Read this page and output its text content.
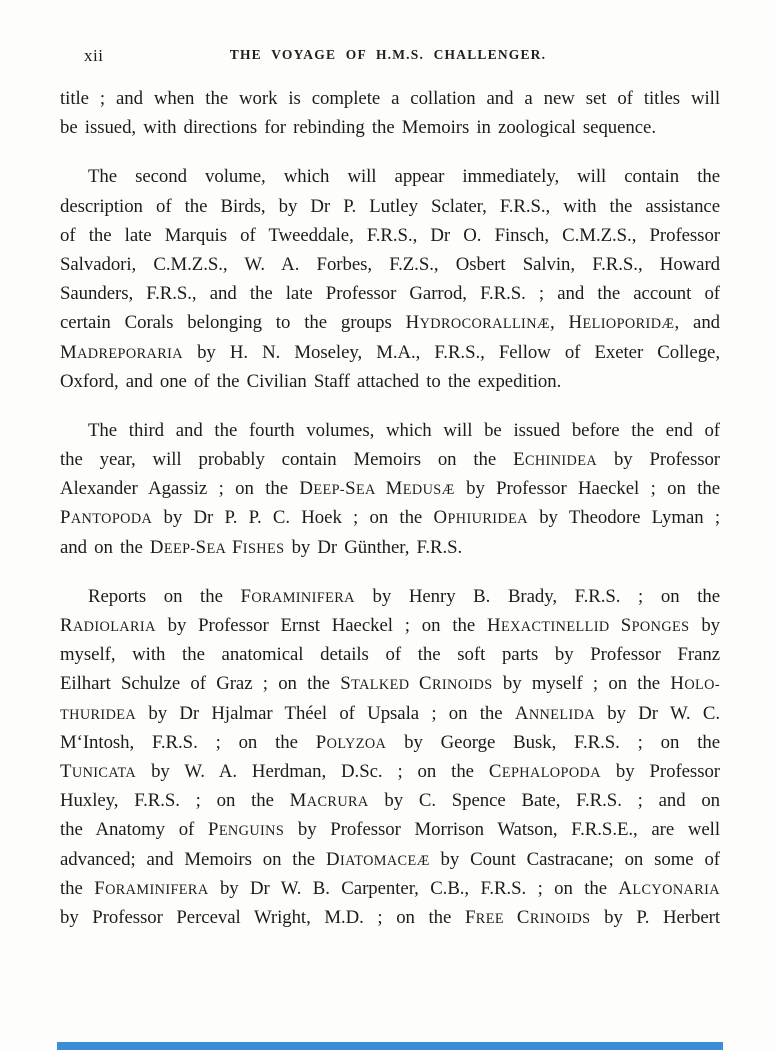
xii	THE VOYAGE OF H.M.S. CHALLENGER.
title ; and when the work is complete a collation and a new set of titles will
be issued, with directions for rebinding the Memoirs in zoological sequence.
The second volume, which will appear immediately, will contain the
description of the Birds, by Dr P. Lutley Sclater, F.R.S., with the assistance
of the late Marquis of Tweeddale, F.R.S., Dr O. Finsch, C.M.Z.S., Professor
Salvadori, C.M.Z.S., W. A. Forbes, F.Z.S., Osbert Salvin, F.R.S., Howard
Saunders, F.R.S., and the late Professor Garrod, F.R.S. ; and the account of
certain Corals belonging to the groups HYDROCORALLINÆ, HELIOPORIDÆ, and
MADREPORARIA by H. N. Moseley, M.A., F.R.S., Fellow of Exeter College,
Oxford, and one of the Civilian Staff attached to the expedition.
The third and the fourth volumes, which will be issued before the end of
the year, will probably contain Memoirs on the ECHINIDEA by Professor
Alexander Agassiz ; on the DEEP-SEA MEDUSÆ by Professor Haeckel ; on the
PANTOPODA by Dr P. P. C. Hoek ; on the OPHIURIDEA by Theodore Lyman ;
and on the DEEP-SEA FISHES by Dr Günther, F.R.S.
Reports on the FORAMINIFERA by Henry B. Brady, F.R.S. ; on the
RADIOLARIA by Professor Ernst Haeckel ; on the HEXACTINELLID SPONGES by
myself, with the anatomical details of the soft parts by Professor Franz
Eilhart Schulze of Graz ; on the STALKED CRINOIDS by myself ; on the HOLO-
THURIDEA by Dr Hjalmar Théel of Upsala ; on the ANNELIDA by Dr W. C.
M‘Intosh, F.R.S. ; on the POLYZOA by George Busk, F.R.S. ; on the
TUNICATA by W. A. Herdman, D.Sc. ; on the CEPHALOPODA by Professor
Huxley, F.R.S. ; on the MACRURA by C. Spence Bate, F.R.S. ; and on
the Anatomy of PENGUINS by Professor Morrison Watson, F.R.S.E., are well
advanced; and Memoirs on the DIATOMACEÆ by Count Castracane; on some of
the FORAMINIFERA by Dr W. B. Carpenter, C.B., F.R.S. ; on the ALCYONARIA
by Professor Perceval Wright, M.D. ; on the FREE CRINOIDS by P. Herbert
